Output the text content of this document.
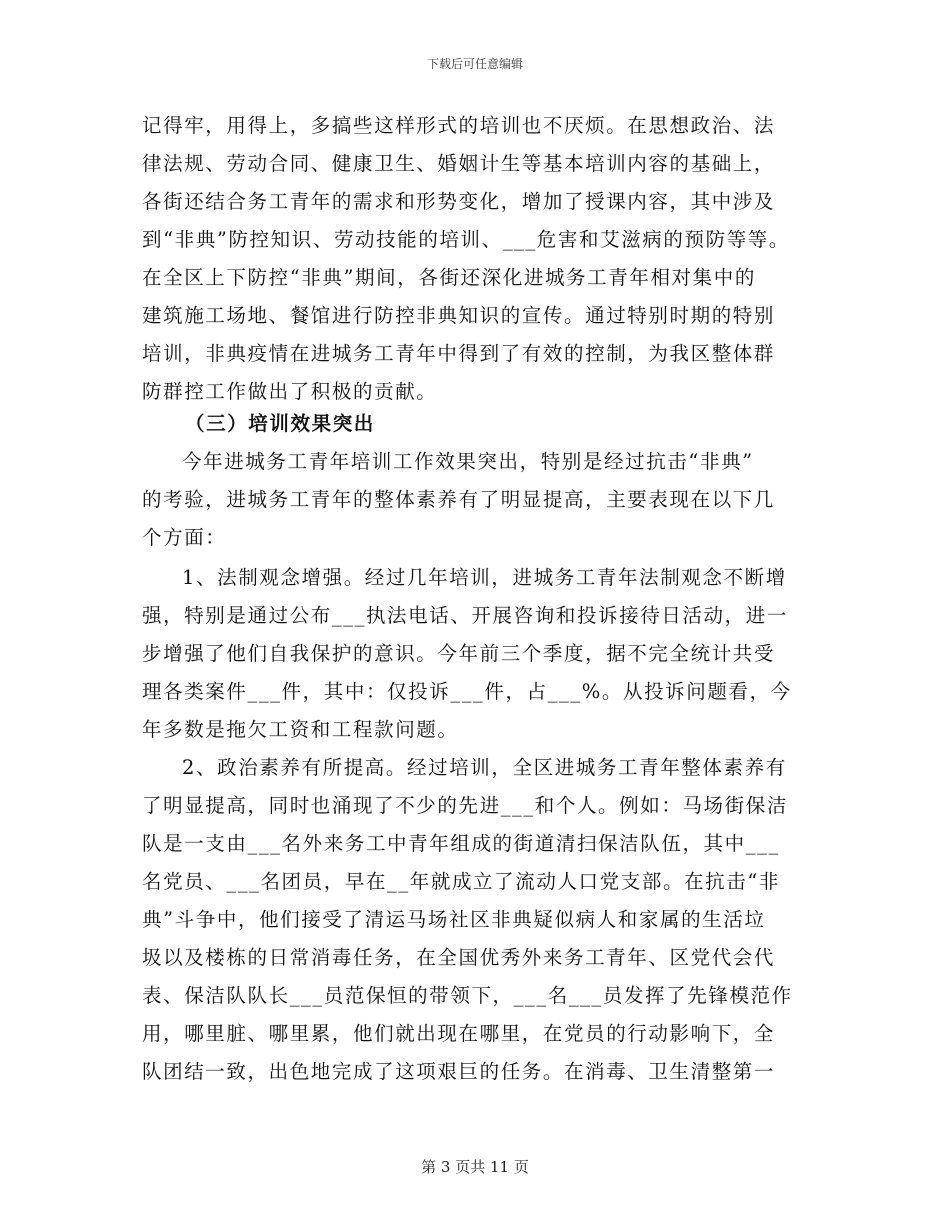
下载后可任意编辑
记得牢，用得上，多搞些这样形式的培训也不厌烦。在思想政治、法
律法规、劳动合同、健康卫生、婚姻计生等基本培训内容的基础上，
各街还结合务工青年的需求和形势变化，增加了授课内容，其中涉及
到“非典”防控知识、劳动技能的培训、___危害和艾滋病的预防等等。
在全区上下防控“非典”期间，各街还深化进城务工青年相对集中的
建筑施工场地、餐馆进行防控非典知识的宣传。通过特别时期的特别
培训，非典疫情在进城务工青年中得到了有效的控制，为我区整体群
防群控工作做出了积极的贡献。
（三）培训效果突出
今年进城务工青年培训工作效果突出，特别是经过抗击“非典”
的考验，进城务工青年的整体素养有了明显提高，主要表现在以下几
个方面：
1、法制观念增强。经过几年培训，进城务工青年法制观念不断增
强，特别是通过公布___执法电话、开展咨询和投诉接待日活动，进一
步增强了他们自我保护的意识。今年前三个季度，据不完全统计共受
理各类案件___件，其中：仅投诉___件，占___%。从投诉问题看，今
年多数是拖欠工资和工程款问题。
2、政治素养有所提高。经过培训，全区进城务工青年整体素养有
了明显提高，同时也涌现了不少的先进___和个人。例如：马场街保洁
队是一支由___名外来务工中青年组成的街道清扫保洁队伍，其中___
名党员、___名团员，早在__年就成立了流动人口党支部。在抗击“非
典”斗争中，他们接受了清运马场社区非典疑似病人和家属的生活垃
圾以及楼栋的日常消毒任务，在全国优秀外来务工青年、区党代会代
表、保洁队队长___员范保恒的带领下，___名___员发挥了先锋模范作
用，哪里脏、哪里累，他们就出现在哪里，在党员的行动影响下，全
队团结一致，出色地完成了这项艰巨的任务。在消毒、卫生清整第一
第 3 页共 11 页
